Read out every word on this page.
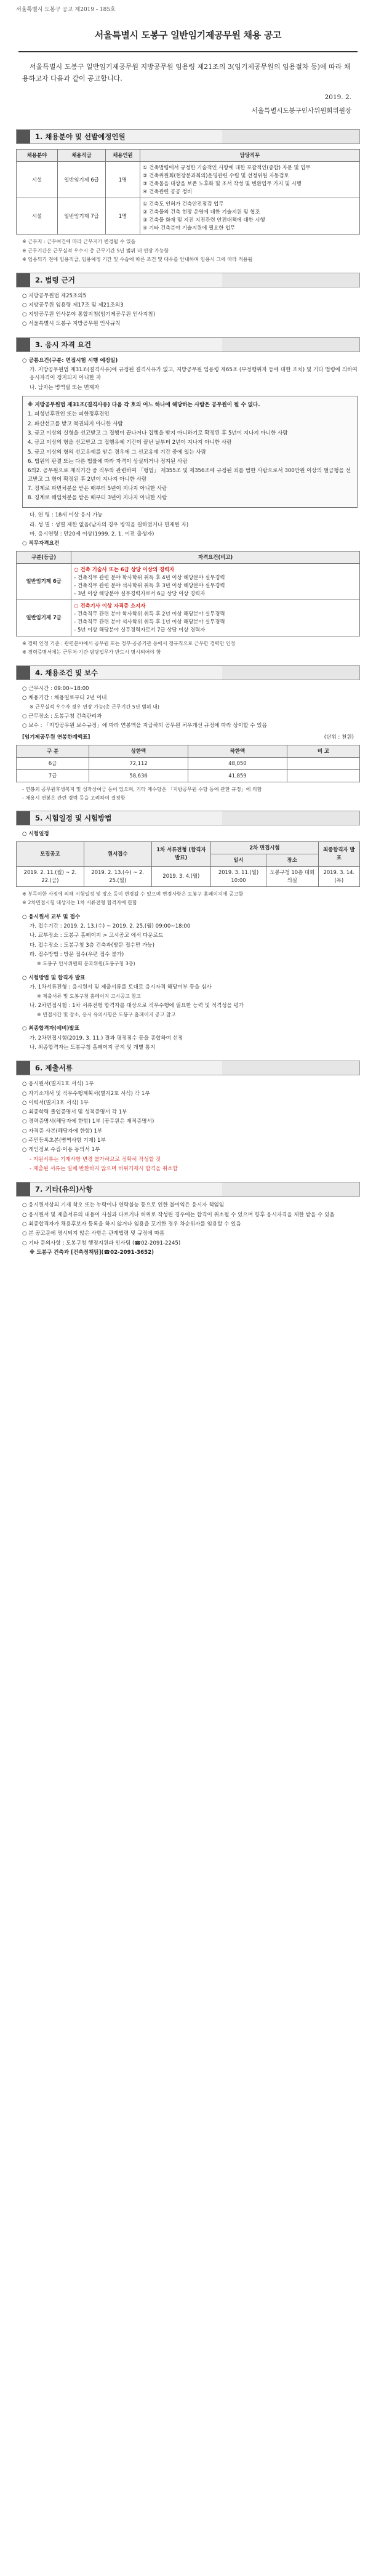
서울특별시 도봉구 공고 제2019 - 185호
서울특별시 도봉구 일반임기제공무원 채용 공고
서울특별시 도봉구 일반임기제공무원 지방공무원 임용령 제21조의 3(임기제공무원의 임용절차 등)에 따라 채용하고자 다음과 같이 공고합니다.
2019. 2.
서울특별시도봉구인사위원회위원장
1. 채용분야 및 선발예정인원
채용분야	채용직급	채용인원	담당직무
시설	일반임기제 6급	1명	① 건축법령에서 규정한 기술적인 사항에 대한 포괄적인(종합) 자문 및 업무
② 건축위원회(현장분과회의)운영관련 수립 및 선정위원 자동검토
③ 건축물을 대상을 보존 노후화 및 조서 작성 및 변환업무 가지 및 시행
④ 건축관련 공공 정비

시설	일반임기제 7급	1명	① 건축도 인허가 건축안전점검 업무
② 건축물의 건축 현장 운영에 대한 기술지원 및 협조
③ 건축물 화재 및 지진 지진관련 안전대책에 대한 시행
④ 기타 건축분야 기술지원에 필요한 업무
※ 근무지 : 근무여건에 따라 근무지가 변경될 수 있음
※ 근무기간은 근무실적 우수시 총 근무기간 5년 범위 내 연장 가능함
※ 임용되기 전에 임용직급, 임용예정 기간 및 수습에 따른 조건 및 대우를 안내하며 임용시 그에 따라 적용됨
2. 법령 근거
○ 지방공무원법 제25조의5
○ 지방공무원 임용령 제17조 및 제21조의3
○ 지방공무원 인사분야 통합지침(임기제공무원 인사지침)
○ 서울특별시 도봉구 지방공무원 인사규칙
3. 응시 자격 요건
○ 공통요건(구분: 면접시험 시행 예정일)
가. 지방공무원법 제31조(결격사유)에 규정된 결격사유가 없고, 지방공무원 임용령 제65조 (부정행위자 등에 대한 조치) 및 기타 법령에 의하여 응시자격이 정지되지 아니한 자
나. 남자는 병역필 또는 면제자
※ 지방공무원법 제31조(결격사유) 다음 각 호의 어느 하나에 해당하는 사람은 공무원이 될 수 없다.
1. 피성년후견인 또는 피한정후견인
2. 파산선고를 받고 복권되지 아니한 사람
3. 금고 이상의 실형을 선고받고 그 집행이 끝나거나 집행을 받지 아니하기로 확정된 후 5년이 지나지 아니한 사람
4. 금고 이상의 형을 선고받고 그 집행유예 기간이 끝난 날부터 2년이 지나지 아니한 사람
5. 금고 이상의 형의 선고유예를 받은 경우에 그 선고유예 기간 중에 있는 사람
6. 법원의 판결 또는 다른 법률에 따라 자격이 상실되거나 정지된 사람
6의2. 공무원으로 재직기간 중 직무와 관련하여 「형법」 제355조 및 제356조에 규정된 죄를 범한 사람으로서 300만원 이상의 벌금형을 선고받고 그 형이 확정된 후 2년이 지나지 아니한 사람
7. 징계로 파면처분을 받은 때부터 5년이 지나지 아니한 사람
8. 징계로 해임처분을 받은 때부터 3년이 지나지 아니한 사람
다. 연 령 : 18세 이상 응시 가능
라. 성 별 : 성별 제한 없음(남자의 경우 병역을 필하였거나 면제된 자)
마. 응시연령 : 만20세 이상(1999. 2. 1. 이전 출생자)
○ 직무자격요건
구분(등급)	자격요건(비고)
일반임기제 6급	○ 건축 기술사 또는 6급 상당 이상의 경력자
- 건축직무 관련 분야 학사학위 취득 후 4년 이상 해당분야 실무경력
- 건축직무 관련 분야 석사학위 취득 후 3년 이상 해당분야 실무경력
- 3년 이상 해당분야 실무경력자로서 6급 상당 이상 경력자

일반임기제 7급	○ 건축기사 이상 자격증 소지자
- 건축직무 관련 분야 학사학위 취득 후 2년 이상 해당분야 실무경력
- 건축직무 관련 분야 석사학위 취득 후 1년 이상 해당분야 실무경력
- 5년 이상 해당분야 실무경력자로서 7급 상당 이상 경력자
※ 경력 인정 기준 : 관련분야에서 공무원 또는 정부·공공기관 등에서 정규직으로 근무한 경력만 인정
※ 경력증명서에는 근무처·기간·담당업무가 반드시 명시되어야 함
4. 채용조건 및 보수
○ 근무시간 : 09:00~18:00
○ 채용기간 : 채용일로부터 2년 이내
※ 근무실적 우수자 경우 연장 가능(총 근무기간 5년 범위 내)
○ 근무장소 : 도봉구청 건축관리과
○ 보수 : 「지방공무원 보수규정」에 따라 연봉액을 지급하되 공무원 처우개선 규정에 따라 상이할 수 있음
[임기제공무원 연봉한계액표]	(단위 : 천원)
구 분	상한액	하한액	비 고
6급	72,112	48,050	
7급	58,636	41,859	
- 연봉외 공무원후생복지 및 성과상여금 등이 있으며, 기타 제수당은 「지방공무원 수당 등에 관한 규정」에 의함
- 채용시 연봉은 관련 경력 등을 고려하여 결정함
5. 시험일정 및 시험방법
○ 시험일정
모집공고	원서접수	1차 서류전형 (합격자발표)	2차 면접시험		최종합격자 발표
			일시	장소	
2019. 2. 11.(월) ~ 2. 22.(금)	2019. 2. 13.(수) ~ 2. 25.(월)	2019. 3. 4.(월)	2019. 3. 11.(월) 10:00	도봉구청 10층 대회의실	2019. 3. 14.(목)
※ 부득이한 사정에 의해 시험일정 및 장소 등이 변경될 수 있으며 변경사항은 도봉구 홈페이지에 공고함
※ 2차면접시험 대상자는 1차 서류전형 합격자에 한함
○ 응시원서 교부 및 접수
가. 접수기간 : 2019. 2. 13.(수) ~ 2019. 2. 25.(월) 09:00~18:00
나. 교부장소 : 도봉구 홈페이지 > 고시공고 에서 다운로드
다. 접수장소 : 도봉구청 3층 건축과(방문 접수만 가능)
라. 접수방법 : 방문 접수(우편 접수 불가)
※ 도봉구 인사위원회 분과위원(도봉구청 3층)
○ 시험방법 및 합격자 발표
가. 1차서류전형 : 응시원서 및 제출서류를 토대로 응시자격 해당여부 등을 심사
※ 제출서류 및 도봉구청 홈페이지 고시공고 참고
나. 2차면접시험 : 1차 서류전형 합격자를 대상으로 직무수행에 필요한 능력 및 적격성을 평가
※ 면접시간 및 장소, 응시 유의사항은 도봉구 홈페이지 공고 참고
○ 최종합격자(예비)발표
가. 2차면접시험(2019. 3. 11.) 결과 평정점수 등을 종합하여 선정
나. 최종합격자는 도봉구청 홈페이지 공지 및 개별 통지
6. 제출서류
○ 응시원서(별지1호 서식) 1부
○ 자기소개서 및 직무수행계획서(별지2호 서식) 각 1부
○ 이력서(별지3호 서식) 1부
○ 최종학력 졸업증명서 및 성적증명서 각 1부
○ 경력증명서(해당자에 한함) 1부 (공무원은 재직증명서)
○ 자격증 사본(해당자에 한함) 1부
○ 주민등록초본(병역사항 기재) 1부
○ 개인정보 수집·이용 동의서 1부
- 지원서류는 기재사항 변경 불가하므로 정확히 작성할 것
- 제출된 서류는 일체 반환하지 않으며 허위기재시 합격을 취소함
7. 기타(유의)사항
○ 응시원서상의 기재 착오 또는 누락이나 연락불능 등으로 인한 불이익은 응시자 책임임
○ 응시원서 및 제출서류의 내용이 사실과 다르거나 허위로 작성된 경우에는 합격이 취소될 수 있으며 향후 응시자격을 제한 받을 수 있음
○ 최종합격자가 채용후보자 등록을 하지 않거나 임용을 포기한 경우 차순위자를 임용할 수 있음
○ 본 공고문에 명시되지 않은 사항은 관계법령 및 규정에 따름
○ 기타 문의사항 : 도봉구청 행정지원과 인사팀 (☎02-2091-2245)
※ 도봉구 건축과 [건축정책팀](☎02-2091-3652)
